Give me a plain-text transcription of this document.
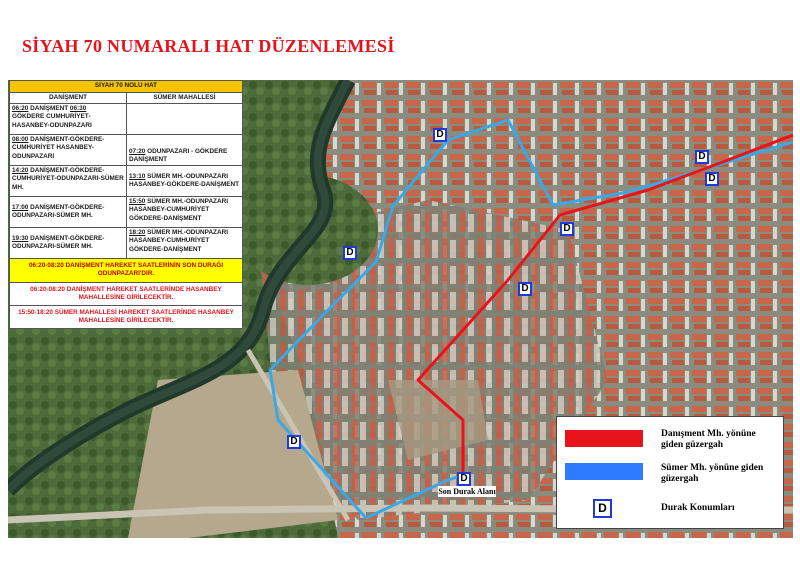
SİYAH 70 NUMARALI HAT DÜZENLEMESİ
SİYAH 70 NOLU HAT	
DANİŞMENT	SÜMER MAHALLESİ
06:20 DANİŞMENT 06:30
GÖKDERE CUMHURİYET-HASANBEY-ODUNPAZARI	
08:00 DANİŞMENT-GÖKDERE-CUMHURİYET HASANBEY-ODUNPAZARI	07:20 ODUNPAZARI - GÖKDERE DANİŞMENT
14:20 DANİŞMENT-GÖKDERE-CUMHURİYET-ODUNPAZARI-SÜMER MH.	13:10 SÜMER MH.-ODUNPAZARI HASANBEY-GÖKDERE-DANİŞMENT
17:00 DANİŞMENT-GÖKDERE-ODUNPAZARI-SÜMER MH.	15:50 SÜMER MH.-ODUNPAZARI HASANBEY-CUMHURİYET GÖKDERE-DANİŞMENT
19:30 DANİŞMENT-GÖKDERE-ODUNPAZARI-SÜMER MH.	18:20 SÜMER MH.-ODUNPAZARI HASANBEY-CUMHURİYET GÖKDERE-DANİŞMENT
06:20-08:20 DANİŞMENT HAREKET SAATLERİNİN SON DURAĞI ODUNPAZARI'DIR.	
06:20-08:20 DANİŞMENT HAREKET SAATLERİNDE HASANBEY MAHALLESİNE GİRİLECEKTİR.	
15:50-18:20 SÜMER MAHALLESİ HAREKET SAATLERİNDE HASANBEY MAHALLESİNE GİRİLECEKTİR.	
D
D
D
D
D
D
D
D
Son Durak Alanı
Danışment Mh. yönüne giden güzergah
Sümer Mh. yönüne giden güzergah
D	Durak Konumları
